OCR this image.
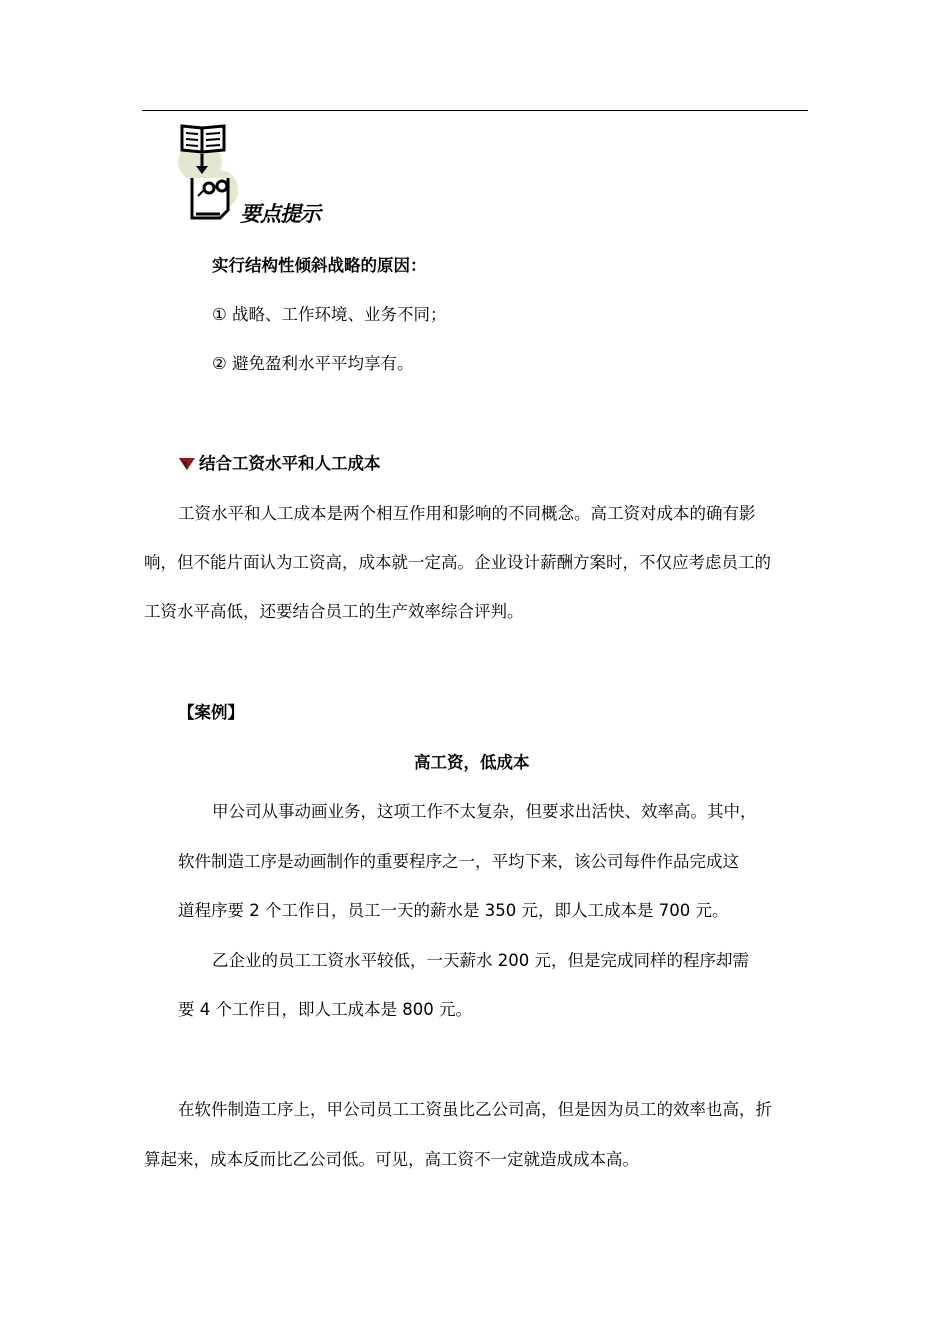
要点提示
实行结构性倾斜战略的原因：
① 战略、工作环境、业务不同；
② 避免盈利水平平均享有。
结合工资水平和人工成本
工资水平和人工成本是两个相互作用和影响的不同概念。高工资对成本的确有影
响，但不能片面认为工资高，成本就一定高。企业设计薪酬方案时，不仅应考虑员工的
工资水平高低，还要结合员工的生产效率综合评判。
【案例】
高工资，低成本
甲公司从事动画业务，这项工作不太复杂，但要求出活快、效率高。其中，
软件制造工序是动画制作的重要程序之一，平均下来，该公司每件作品完成这
道程序要 2 个工作日，员工一天的薪水是 350 元，即人工成本是 700 元。
乙企业的员工工资水平较低，一天薪水 200 元，但是完成同样的程序却需
要 4 个工作日，即人工成本是 800 元。
在软件制造工序上，甲公司员工工资虽比乙公司高，但是因为员工的效率也高，折
算起来，成本反而比乙公司低。可见，高工资不一定就造成成本高。
